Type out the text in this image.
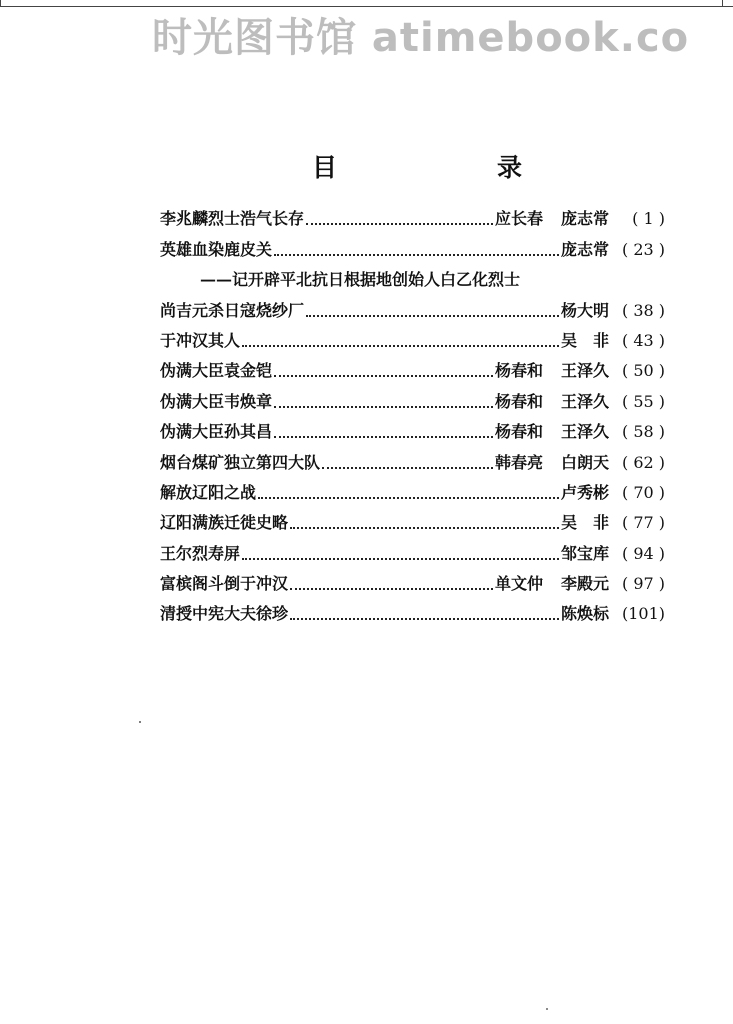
时光图书馆 atimebook.co
目	录
李兆麟烈士浩气长存	应长春 庞志常	( 1 )
英雄血染鹿皮关	庞志常 ( 23 )
——记开辟平北抗日根据地创始人白乙化烈士
尚吉元杀日寇烧纱厂	杨大明 ( 38 )
于冲汉其人	吴　非 ( 43 )
伪满大臣袁金铠	杨春和 王泽久 ( 50 )
伪满大臣韦焕章	杨春和 王泽久 ( 55 )
伪满大臣孙其昌	杨春和 王泽久 ( 58 )
烟台煤矿独立第四大队	韩春亮 白朗天 ( 62 )
解放辽阳之战	卢秀彬 ( 70 )
辽阳满族迁徙史略	吴　非 ( 77 )
王尔烈寿屏	邹宝库 ( 94 )
富槟阁斗倒于冲汉	单文仲 李殿元 ( 97 )
清授中宪大夫徐珍	陈焕标 (101)
